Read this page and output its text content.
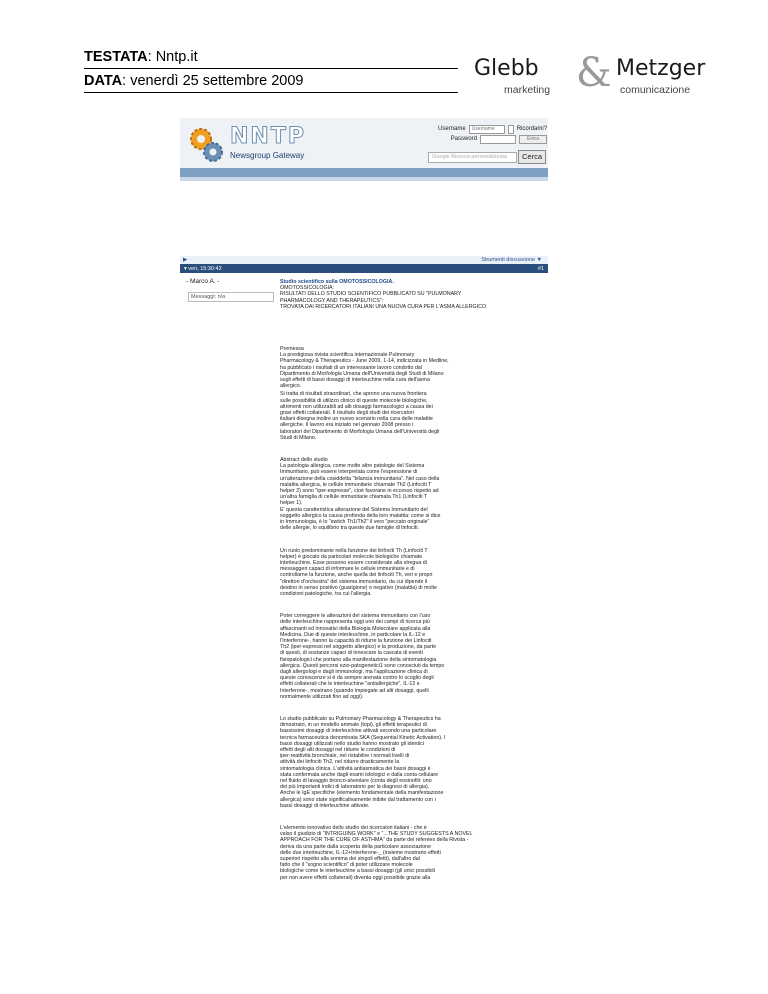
TESTATA: Nntp.it
DATA: venerdì 25 settembre 2009	Glebb & Metzger
marketing	comunicazione
NNTP
Newsgroup Gateway
Username	Username	Ricordami?
Password	Entra
Google Ricerca personalizzata	Cerca
▶	Strumenti discussione ▼
▾ ven, 15:30:42	#1
- Marco A. -
Messaggi: n/a

Studio scientifico sulla OMOTOSSICOLOGIA.

OMOTOSSICOLOGIA:
RISULTATI DELLO STUDIO SCIENTIFICO PUBBLICATO SU "PULMONARY
PHARMACOLOGY AND THERAPEUTICS":
TROVATA DAI RICERCATORI ITALIANI UNA NUOVA CURA PER L'ASMA ALLERGICO

Premessa
La prestigiosa rivista scientifica internazionale Pulmonary
Pharmacology & Therapeutics - June 2009, 1-14, indicizzata in Medline,
ha pubblicato i risultati di un interessante lavoro condotto dal
Dipartimento di Morfologia Umana dell'Università degli Studi di Milano
sugli effetti di bassi dosaggi di interleuchine nella cura dell'asma
allergico.

Si tratta di risultati straordinari, che aprono una nuova frontiera
sulle possibilità di utilizzo clinico di queste molecole biologiche,
altrimenti non utilizzabili ad alti dosaggi farmacologici a causa dei
gravi effetti collaterali. Il risultato degli studi dei ricercatori
italiani disegna inoltre un nuovo scenario nella cura delle malattie
allergiche. Il lavoro era iniziato nel gennaio 2008 presso i
laboratori del Dipartimento di Morfologia Umana dell'Università degli
Studi di Milano.

Abstract dello studio
La patologia allergica, come molte altre patologie del Sistema
Immunitario, può essere interpretata come l'espressione di
un'alterazione della cosiddetta "bilancia immunitaria". Nel caso della
malattia allergica, le cellule immunitarie chiamate Th2 (Linfociti T
helper 2) sono "iper-espresse", cioè favorane in eccesso rispetto ad
un'altra famiglia di cellule immunitarie chiamata Th1 (Linfociti T
helper 1).
E' questa caratteristica alterazione del Sistema Immunitario del
soggetto allergico la causa profonda della loro malattia: come si dice
in Immunologia, è lo "switch Th1/Th2" il vero "peccato originale"
delle allergie, lo squilibrio tra queste due famiglie di linfociti.

Un ruolo predominante nella funzione dei linfociti Th (Linfociti T
helper) è giocato da particolari molecole biologiche chiamate
interleuchine. Esse possono essere considerate alla stregua di
messaggeri capaci di informare le cellule immunitarie e di
controllarne la funzione, anche quella dei linfociti Th, veri e propri
"direttori d'orchestra" del sistema immunitario, da cui dipende il
destino in senso positivo (guarigione) o negativo (malattia) di molte
condizioni patologiche, tra cui l'allergia.

Poter correggere le alterazioni del sistema immunitario con l'uso
delle interleuchine rappresenta oggi uno dei campi di ricerca più
affascinanti ed innovativi della Biologia Molecolare applicata alla
Medicina. Due di queste interleuchine, in particolare la IL-12 e
l'Interferone-, hanno la capacità di ridurre la funzione dei Linfociti
Th2 (iper-espressi nel soggetto allergico) e la produzione, da parte
di questi, di sostanze capaci di innescare la cascata di eventi
fisiopatologici che portano alla manifestazione della sintomatologia
allergica. Questi percorsi ezio-patogenetici1 sono conosciuti da tempo
dagli allergologi e dagli immunologi, ma l'applicazione clinica di
queste conoscenze si è da sempre arenata contro lo scoglio degli
effetti collaterali che le interleuchine "antiallergiche", IL-12 e
Interferone-, mostrano (quando impiegate ad alti dosaggi, quelli
normalmente utilizzati fino ad oggi).

Lo studio pubblicato su Pulmonary Pharmacology & Therapeutics ha
dimostrato, in un modello animale (topi), gli effetti terapeutici di
bassissimi dosaggi di interleuchine attivati secondo una particolare
tecnica farmaceutica denominata SKA (Sequential Kinetic Activation). I
bassi dosaggi utilizzati nello studio hanno mostrato gli identici
effetti degli alti dosaggi nel ridurre le condizioni di
iper-reattività bronchiale, nel ristabilire i normali livelli di
attività dei linfociti Th2, nel ridurre drasticamente la
sintomatologia clinica. L'attività antiasmatica dei bassi dosaggi è
stata confermata anche dagli esami istologici e dalla conta cellulare
nel fluido di lavaggio bronco-alveolare (conta degli eosinofili: uno
dei più importanti indici di laboratorio per la diagnosi di allergia).
Anche le IgE specifiche (elemento fondamentale della manifestazione
allergica) sono state significativamente inibite dal trattamento con i
bassi dosaggi di interleuchine attivate.

L'elemento innovativo dello studio dei ricercatori italiani - che è
valso il giudizio di "INTRIGUING WORK" e "...THE STUDY SUGGESTS A NOVEL
APPROACH FOR THE CURE OF ASTHMA" da parte dei referees della Rivista -
deriva da una parte dalla scoperta della particolare associazione
delle due interleuchine, IL-12+Interferone-_ (insieme mostrano effetti
superiori rispetto alla somma dei singoli effetti), dall'altro dal
fatto che il "sogno scientifico" di poter utilizzare molecole
biologiche come le interleuchine a bassi dosaggi (gli unici possibili
per non avere effetti collaterali) diventa oggi possibile grazie alla
